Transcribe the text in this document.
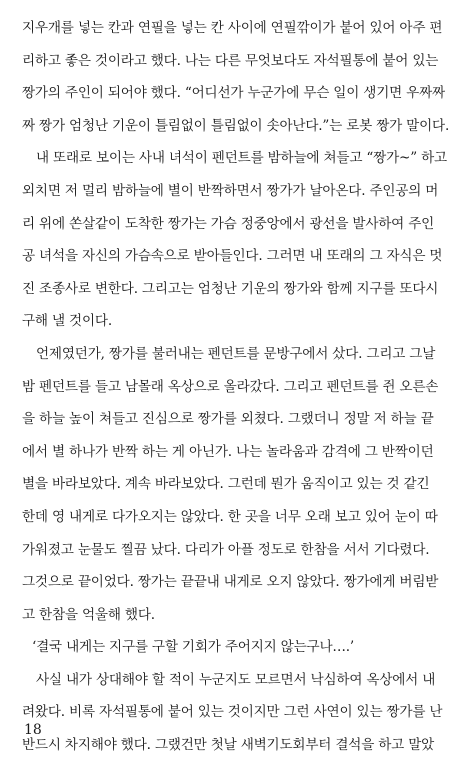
지우개를 넣는 칸과 연필을 넣는 칸 사이에 연필깎이가 붙어 있어 아주 편
리하고 좋은 것이라고 했다. 나는 다른 무엇보다도 자석필통에 붙어 있는
짱가의 주인이 되어야 했다. “어디선가 누군가에 무슨 일이 생기면 우짜짜
짜 짱가 엄청난 기운이 틀림없이 틀림없이 솟아난다.”는 로봇 짱가 말이다.
내 또래로 보이는 사내 녀석이 펜던트를 밤하늘에 쳐들고 “짱가~” 하고
외치면 저 멀리 밤하늘에 별이 반짝하면서 짱가가 날아온다. 주인공의 머
리 위에 쏜살같이 도착한 짱가는 가슴 정중앙에서 광선을 발사하여 주인
공 녀석을 자신의 가슴속으로 받아들인다. 그러면 내 또래의 그 자식은 멋
진 조종사로 변한다. 그리고는 엄청난 기운의 짱가와 함께 지구를 또다시
구해 낼 것이다.
언제였던가, 짱가를 불러내는 펜던트를 문방구에서 샀다. 그리고 그날
밤 펜던트를 들고 남몰래 옥상으로 올라갔다. 그리고 펜던트를 쥔 오른손
을 하늘 높이 쳐들고 진심으로 짱가를 외쳤다. 그랬더니 정말 저 하늘 끝
에서 별 하나가 반짝 하는 게 아닌가. 나는 놀라움과 감격에 그 반짝이던
별을 바라보았다. 계속 바라보았다. 그런데 뭔가 움직이고 있는 것 같긴
한데 영 내게로 다가오지는 않았다. 한 곳을 너무 오래 보고 있어 눈이 따
가워졌고 눈물도 찔끔 났다. 다리가 아플 정도로 한참을 서서 기다렸다.
그것으로 끝이었다. 짱가는 끝끝내 내게로 오지 않았다. 짱가에게 버림받
고 한참을 억울해 했다.
‘결국 내게는 지구를 구할 기회가 주어지지 않는구나….’
사실 내가 상대해야 할 적이 누군지도 모르면서 낙심하여 옥상에서 내
려왔다. 비록 자석필통에 붙어 있는 것이지만 그런 사연이 있는 짱가를 난
반드시 차지해야 했다. 그랬건만 첫날 새벽기도회부터 결석을 하고 말았
18
